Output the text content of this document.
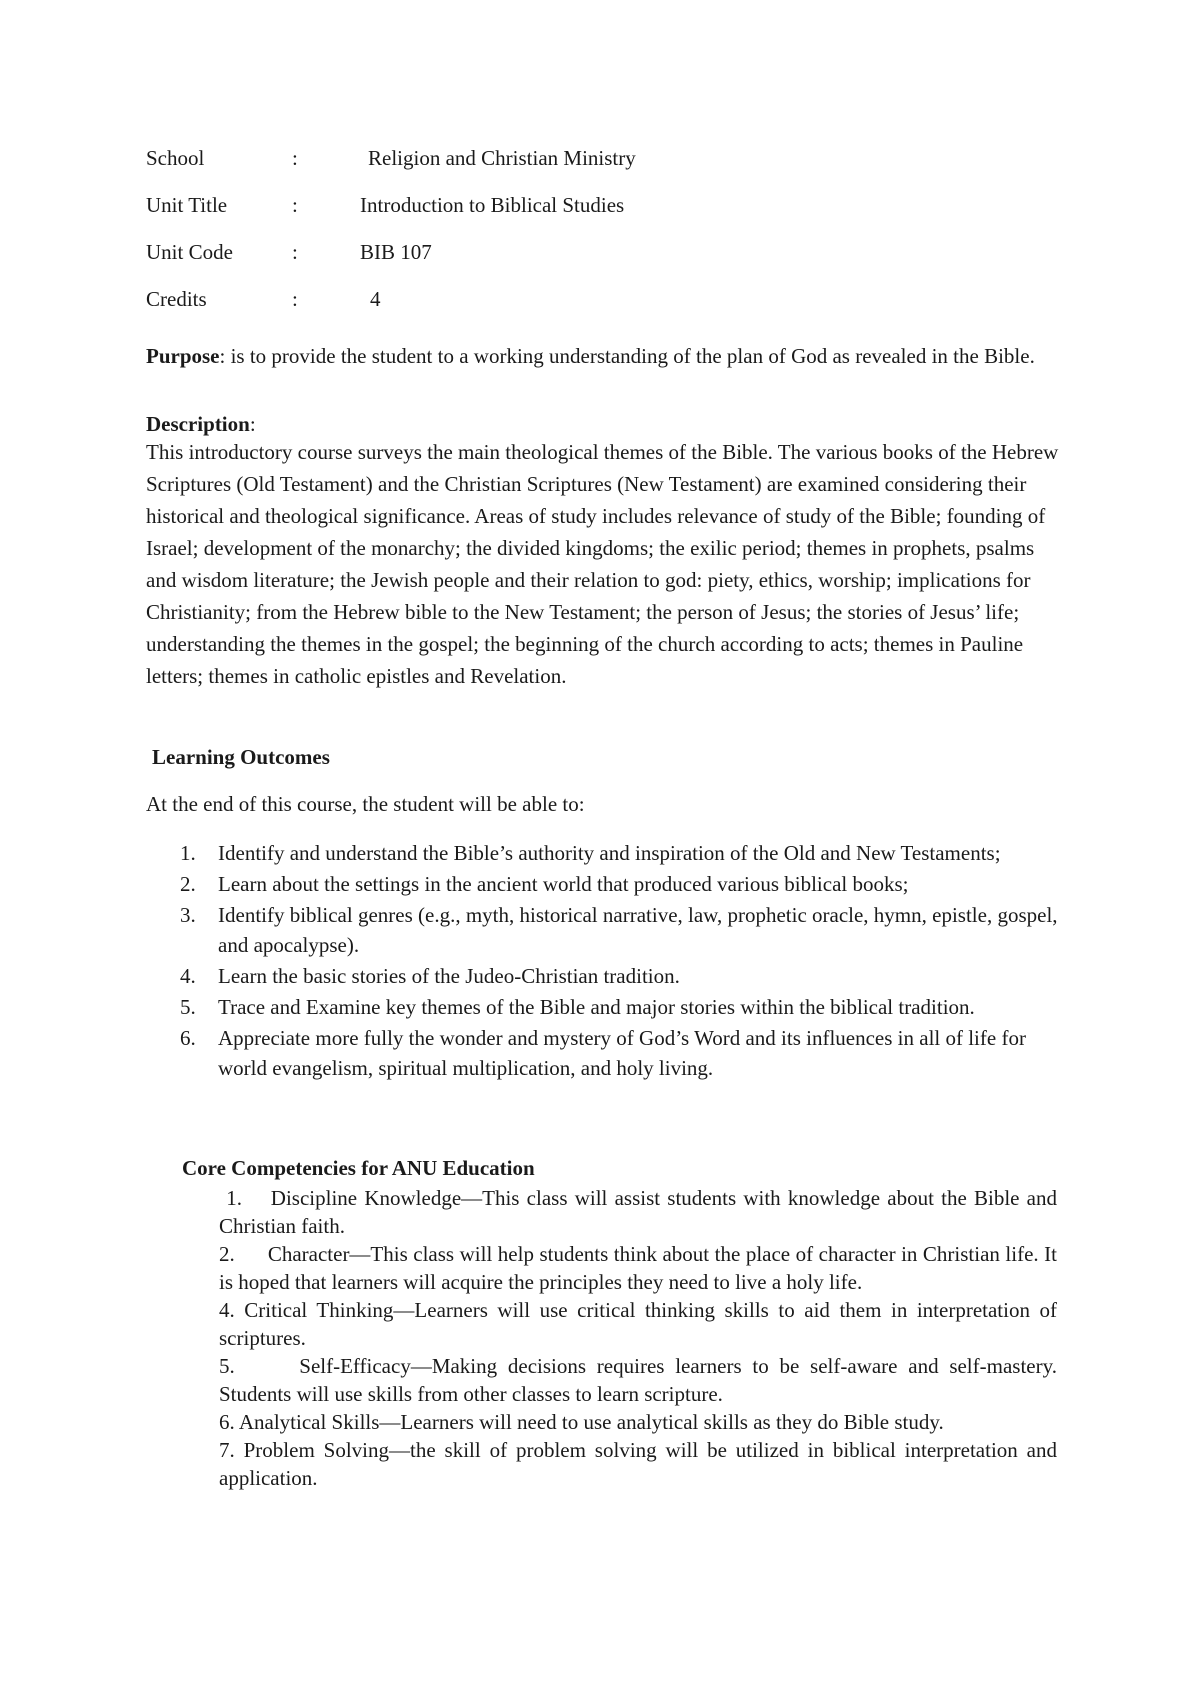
School	:	Religion and Christian Ministry
Unit Title	:	Introduction to Biblical Studies
Unit Code	:	BIB 107
Credits	:	4
Purpose: is to provide the student to a working understanding of the plan of God as revealed in the Bible.
Description:
This introductory course surveys the main theological themes of the Bible. The various books of the Hebrew Scriptures (Old Testament) and the Christian Scriptures (New Testament) are examined considering their historical and theological significance. Areas of study includes relevance of study of the Bible; founding of Israel; development of the monarchy; the divided kingdoms; the exilic period; themes in prophets, psalms and wisdom literature; the Jewish people and their relation to god: piety, ethics, worship; implications for Christianity; from the Hebrew bible to the New Testament; the person of Jesus; the stories of Jesus’ life; understanding the themes in the gospel; the beginning of the church according to acts; themes in Pauline letters; themes in catholic epistles and Revelation.
Learning Outcomes
At the end of this course, the student will be able to:
1. Identify and understand the Bible’s authority and inspiration of the Old and New Testaments;
2. Learn about the settings in the ancient world that produced various biblical books;
3. Identify biblical genres (e.g., myth, historical narrative, law, prophetic oracle, hymn, epistle, gospel, and apocalypse).
4. Learn the basic stories of the Judeo-Christian tradition.
5. Trace and Examine key themes of the Bible and major stories within the biblical tradition.
6. Appreciate more fully the wonder and mystery of God’s Word and its influences in all of life for world evangelism, spiritual multiplication, and holy living.
Core Competencies for ANU Education

1.    Discipline Knowledge—This class will assist students with knowledge about the Bible and Christian faith.

2.      Character—This class will help students think about the place of character in Christian life. It is hoped that learners will acquire the principles they need to live a holy life.

4. Critical Thinking—Learners will use critical thinking skills to aid them in interpretation of scriptures.

5.      Self-Efficacy—Making decisions requires learners to be self-aware and self-mastery. Students will use skills from other classes to learn scripture.

6. Analytical Skills—Learners will need to use analytical skills as they do Bible study.

7. Problem Solving—the skill of problem solving will be utilized in biblical interpretation and application.
